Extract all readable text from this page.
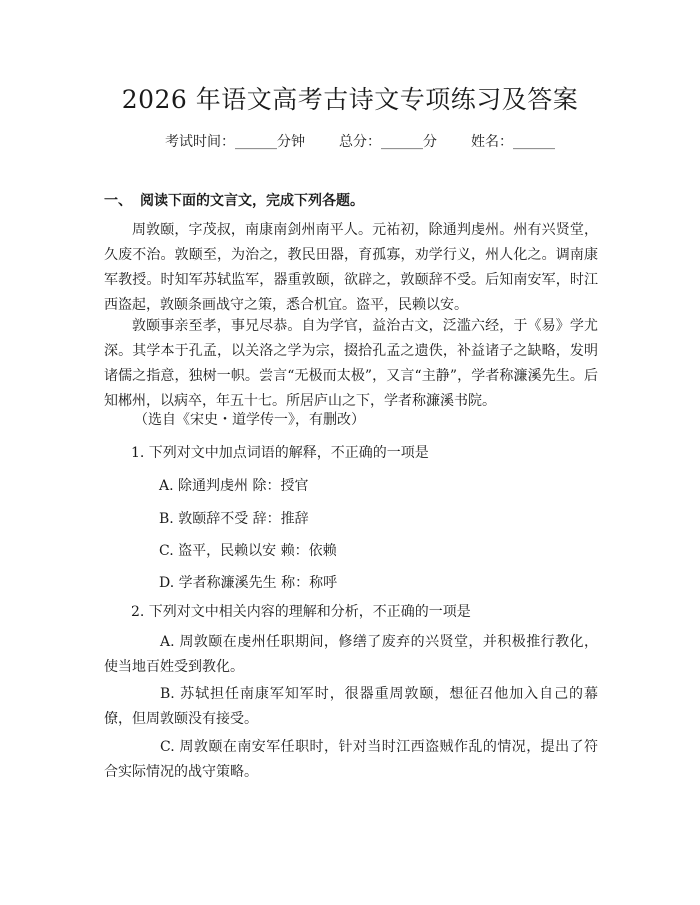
2026 年语文高考古诗文专项练习及答案
考试时间：______分钟 总分：______分 姓名：______
一、 阅读下面的文言文，完成下列各题。
周敦颐，字茂叔，南康南剑州南平人。元祐初，除通判虔州。州有兴贤堂，久废不治。敦颐至，为治之，教民田器，育孤寡，劝学行义，州人化之。调南康军教授。时知军苏轼监军，器重敦颐，欲辟之，敦颐辞不受。后知南安军，时江西盗起，敦颐条画战守之策，悉合机宜。盗平，民赖以安。
敦颐事亲至孝，事兄尽恭。自为学官，益治古文，泛滥六经，于《易》学尤深。其学本于孔孟，以关洛之学为宗，掇拾孔孟之遗佚，补益诸子之缺略，发明诸儒之指意，独树一帜。尝言“无极而太极”，又言“主静”，学者称濂溪先生。后知郴州，以病卒，年五十七。所居庐山之下，学者称濂溪书院。
（选自《宋史・道学传一》，有删改）
1. 下列对文中加点词语的解释，不正确的一项是
A. 除通判虔州 除：授官
B. 敦颐辞不受 辞：推辞
C. 盗平，民赖以安 赖：依赖
D. 学者称濂溪先生 称：称呼
2. 下列对文中相关内容的理解和分析，不正确的一项是
A. 周敦颐在虔州任职期间，修缮了废弃的兴贤堂，并积极推行教化，使当地百姓受到教化。
B. 苏轼担任南康军知军时，很器重周敦颐，想征召他加入自己的幕僚，但周敦颐没有接受。
C. 周敦颐在南安军任职时，针对当时江西盗贼作乱的情况，提出了符合实际情况的战守策略。
